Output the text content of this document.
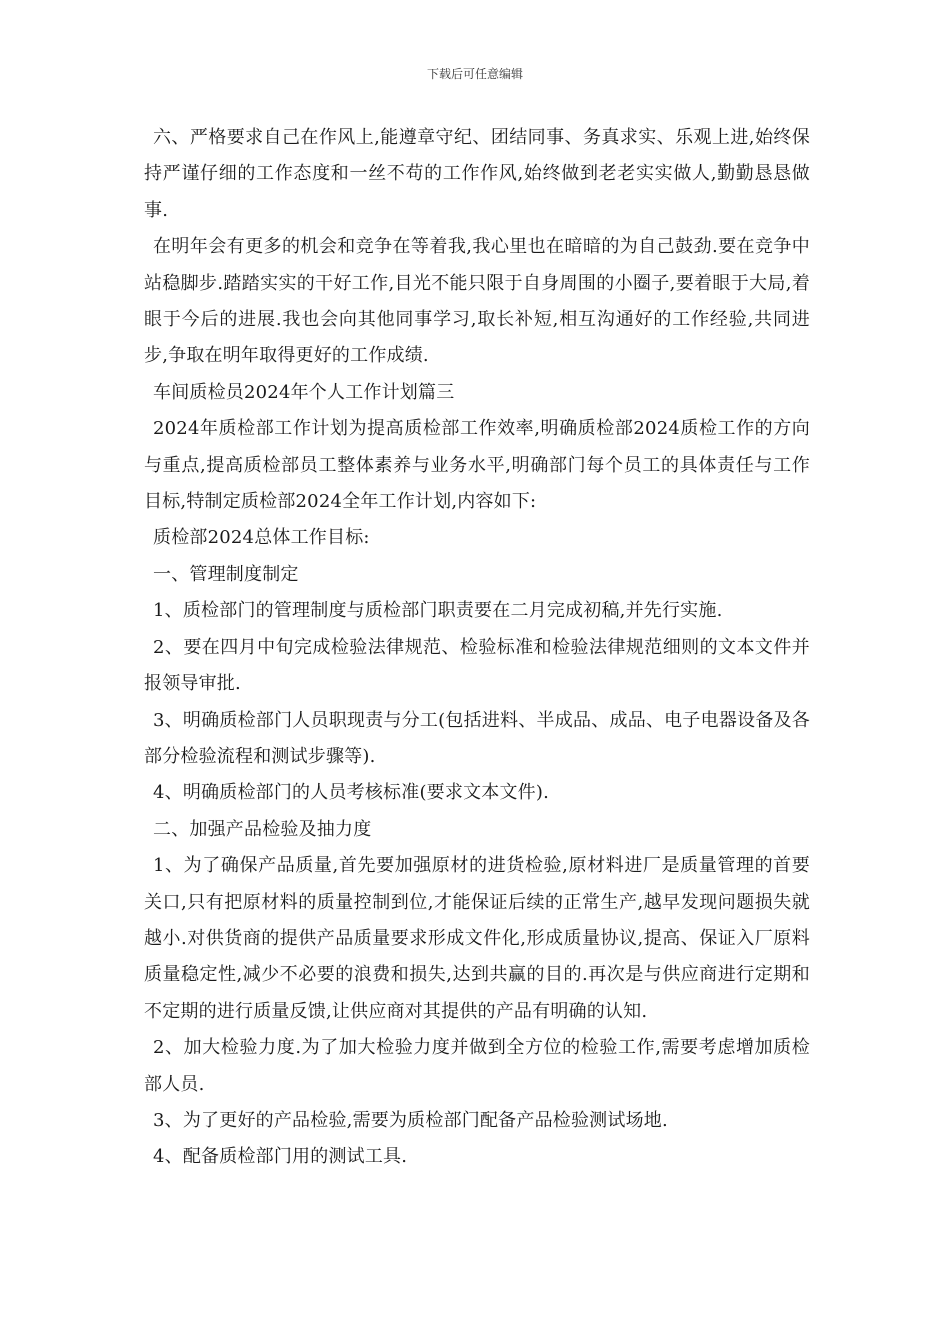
下载后可任意编辑

六、严格要求自己在作风上,能遵章守纪、团结同事、务真求实、乐观上进,始终保持严谨仔细的工作态度和一丝不苟的工作作风,始终做到老老实实做人,勤勤恳恳做事.

在明年会有更多的机会和竞争在等着我,我心里也在暗暗的为自己鼓劲.要在竞争中站稳脚步.踏踏实实的干好工作,目光不能只限于自身周围的小圈子,要着眼于大局,着眼于今后的进展.我也会向其他同事学习,取长补短,相互沟通好的工作经验,共同进步,争取在明年取得更好的工作成绩.

车间质检员2024年个人工作计划篇三

2024年质检部工作计划为提高质检部工作效率,明确质检部2024质检工作的方向与重点,提高质检部员工整体素养与业务水平,明确部门每个员工的具体责任与工作目标,特制定质检部2024全年工作计划,内容如下:

质检部2024总体工作目标:

一、管理制度制定

1、质检部门的管理制度与质检部门职责要在二月完成初稿,并先行实施.

2、要在四月中旬完成检验法律规范、检验标准和检验法律规范细则的文本文件并报领导审批.

3、明确质检部门人员职现责与分工(包括进料、半成品、成品、电子电器设备及各部分检验流程和测试步骤等).

4、明确质检部门的人员考核标准(要求文本文件).

二、加强产品检验及抽力度

1、为了确保产品质量,首先要加强原材的进货检验,原材料进厂是质量管理的首要关口,只有把原材料的质量控制到位,才能保证后续的正常生产,越早发现问题损失就越小.对供货商的提供产品质量要求形成文件化,形成质量协议,提高、保证入厂原料质量稳定性,减少不必要的浪费和损失,达到共赢的目的.再次是与供应商进行定期和不定期的进行质量反馈,让供应商对其提供的产品有明确的认知.

2、加大检验力度.为了加大检验力度并做到全方位的检验工作,需要考虑增加质检部人员.

3、为了更好的产品检验,需要为质检部门配备产品检验测试场地.

4、配备质检部门用的测试工具.
